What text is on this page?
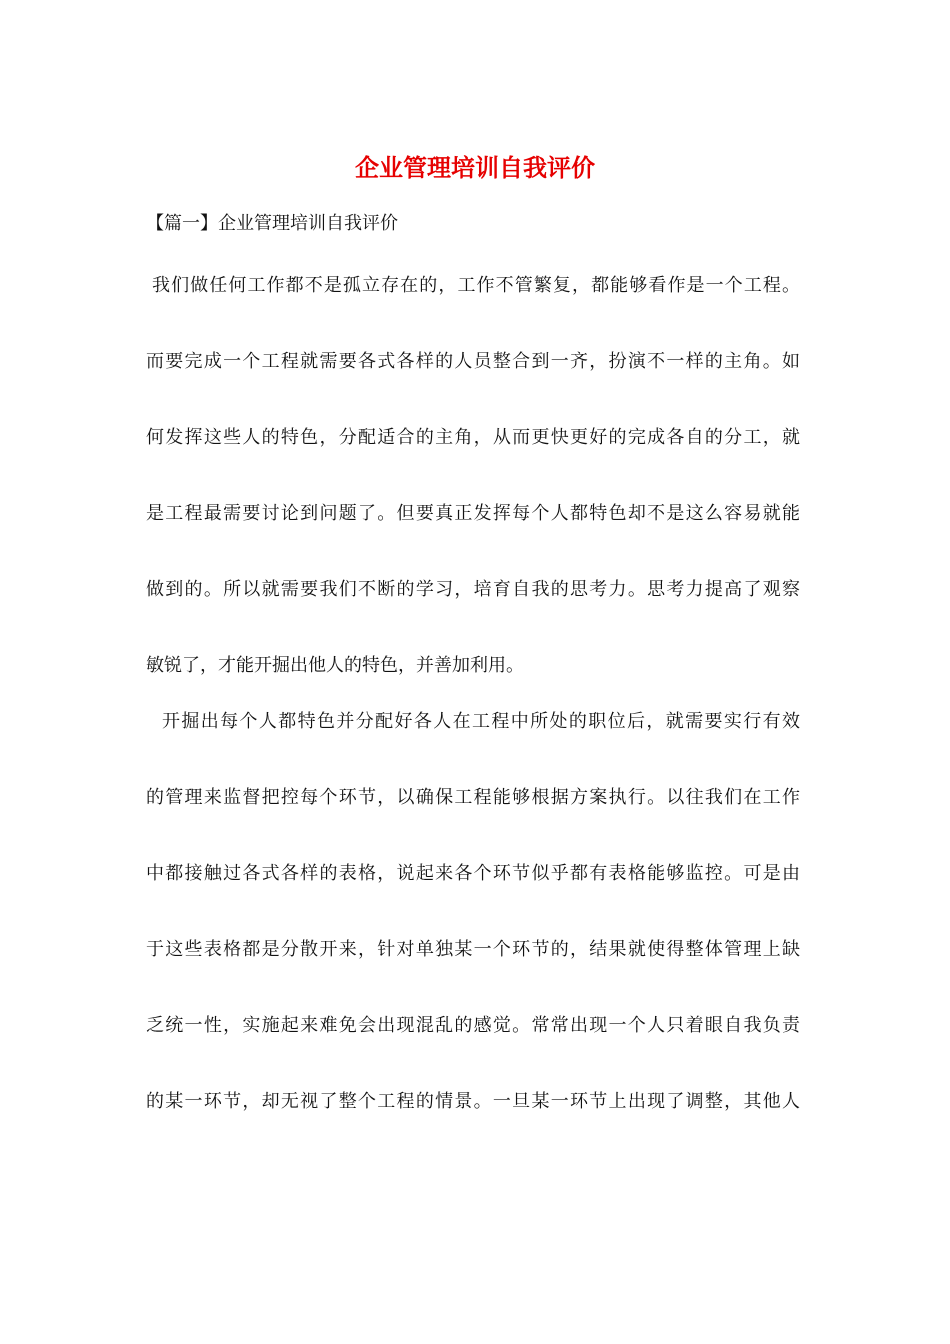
企业管理培训自我评价

【篇一】企业管理培训自我评价

我们做任何工作都不是孤立存在的，工作不管繁复，都能够看作是一个工程。
而要完成一个工程就需要各式各样的人员整合到一齐，扮演不一样的主角。如
何发挥这些人的特色，分配适合的主角，从而更快更好的完成各自的分工，就
是工程最需要讨论到问题了。但要真正发挥每个人都特色却不是这么容易就能
做到的。所以就需要我们不断的学习，培育自我的思考力。思考力提高了观察
敏锐了，才能开掘出他人的特色，并善加利用。
开掘出每个人都特色并分配好各人在工程中所处的职位后，就需要实行有效
的管理来监督把控每个环节，以确保工程能够根据方案执行。以往我们在工作
中都接触过各式各样的表格，说起来各个环节似乎都有表格能够监控。可是由
于这些表格都是分散开来，针对单独某一个环节的，结果就使得整体管理上缺
乏统一性，实施起来难免会出现混乱的感觉。常常出现一个人只着眼自我负责
的某一环节，却无视了整个工程的情景。一旦某一环节上出现了调整，其他人
